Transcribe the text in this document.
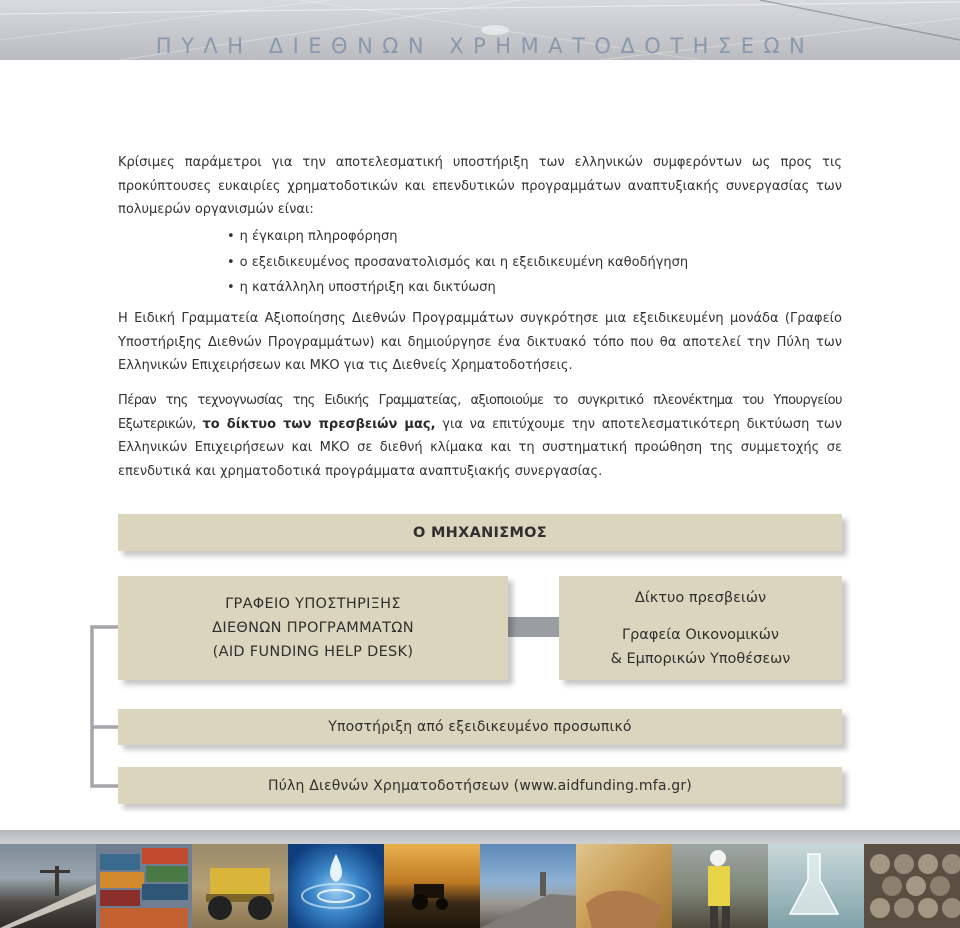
ΠΥΛΗ ΔΙΕΘΝΩΝ ΧΡΗΜΑΤΟΔΟΤΗΣΕΩΝ

Κρίσιμες παράμετροι για την αποτελεσματική υποστήριξη των ελληνικών συμφερόντων ως προς τις προκύπτουσες ευκαιρίες χρηματοδοτικών και επενδυτικών προγραμμάτων αναπτυξιακής συνεργασίας των πολυμερών οργανισμών είναι:

• η έγκαιρη πληροφόρηση
• ο εξειδικευμένος προσανατολισμός και η εξειδικευμένη καθοδήγηση
• η κατάλληλη υποστήριξη και δικτύωση

Η Ειδική Γραμματεία Αξιοποίησης Διεθνών Προγραμμάτων συγκρότησε μια εξειδικευμένη μονάδα (Γραφείο Υποστήριξης Διεθνών Προγραμμάτων) και δημιούργησε ένα δικτυακό τόπο που θα αποτελεί την Πύλη των Ελληνικών Επιχειρήσεων και ΜΚΟ για τις Διεθνείς Χρηματοδοτήσεις.

Πέραν της τεχνογνωσίας της Ειδικής Γραμματείας, αξιοποιούμε το συγκριτικό πλεονέκτημα του Υπουργείου Εξωτερικών, το δίκτυο των πρεσβειών μας, για να επιτύχουμε την αποτελεσματικότερη δικτύωση των Ελληνικών Επιχειρήσεων και ΜΚΟ σε διεθνή κλίμακα και τη συστηματική προώθηση της συμμετοχής σε επενδυτικά και χρηματοδοτικά προγράμματα αναπτυξιακής συνεργασίας.

Ο ΜΗΧΑΝΙΣΜΟΣ
ΓΡΑΦΕΙΟ ΥΠΟΣΤΗΡΙΞΗΣ
ΔΙΕΘΝΩΝ ΠΡΟΓΡΑΜΜΑΤΩΝ
(AID FUNDING HELP DESK)
Δίκτυο πρεσβειών
Γραφεία Οικονομικών
& Εμπορικών Υποθέσεων
Υποστήριξη από εξειδικευμένο προσωπικό
Πύλη Διεθνών Χρηματοδοτήσεων (www.aidfunding.mfa.gr)
